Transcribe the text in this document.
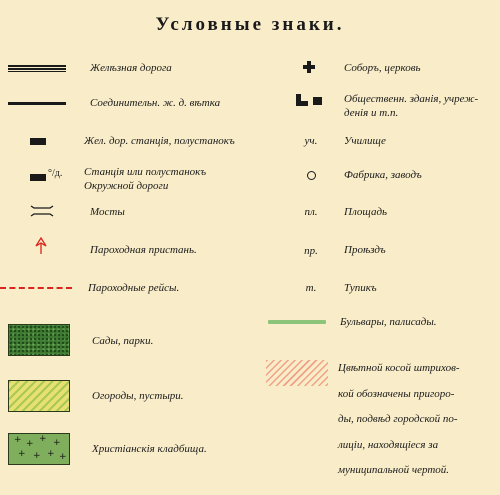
Условные знаки.
Желѣзная дорога
Соединительн. ж. д. вѣтка
Жел. дор. станція, полустанокъ
°/д. Станція или полустанокъ
Окружной дороги
Мосты
Пароходная пристань.
Пароходные рейсы.
Сады, парки.
Огороды, пустыри.
+ + + +
+ + + +
Христіанскія кладбища.
Соборъ, церковь
Общественн. зданія, учреж-
денія и т.п.
уч.	Училище
Фабрика, заводъ
пл.	Площадь
пр.	Проѣздъ
т.	Тупикъ
Бульвары, палисады.
Цвѣтной косой штрихов-
кой обозначены пригоро-
ды, подвѣд городской по-
лиціи, находящіеся за
муниципальной чертой.
